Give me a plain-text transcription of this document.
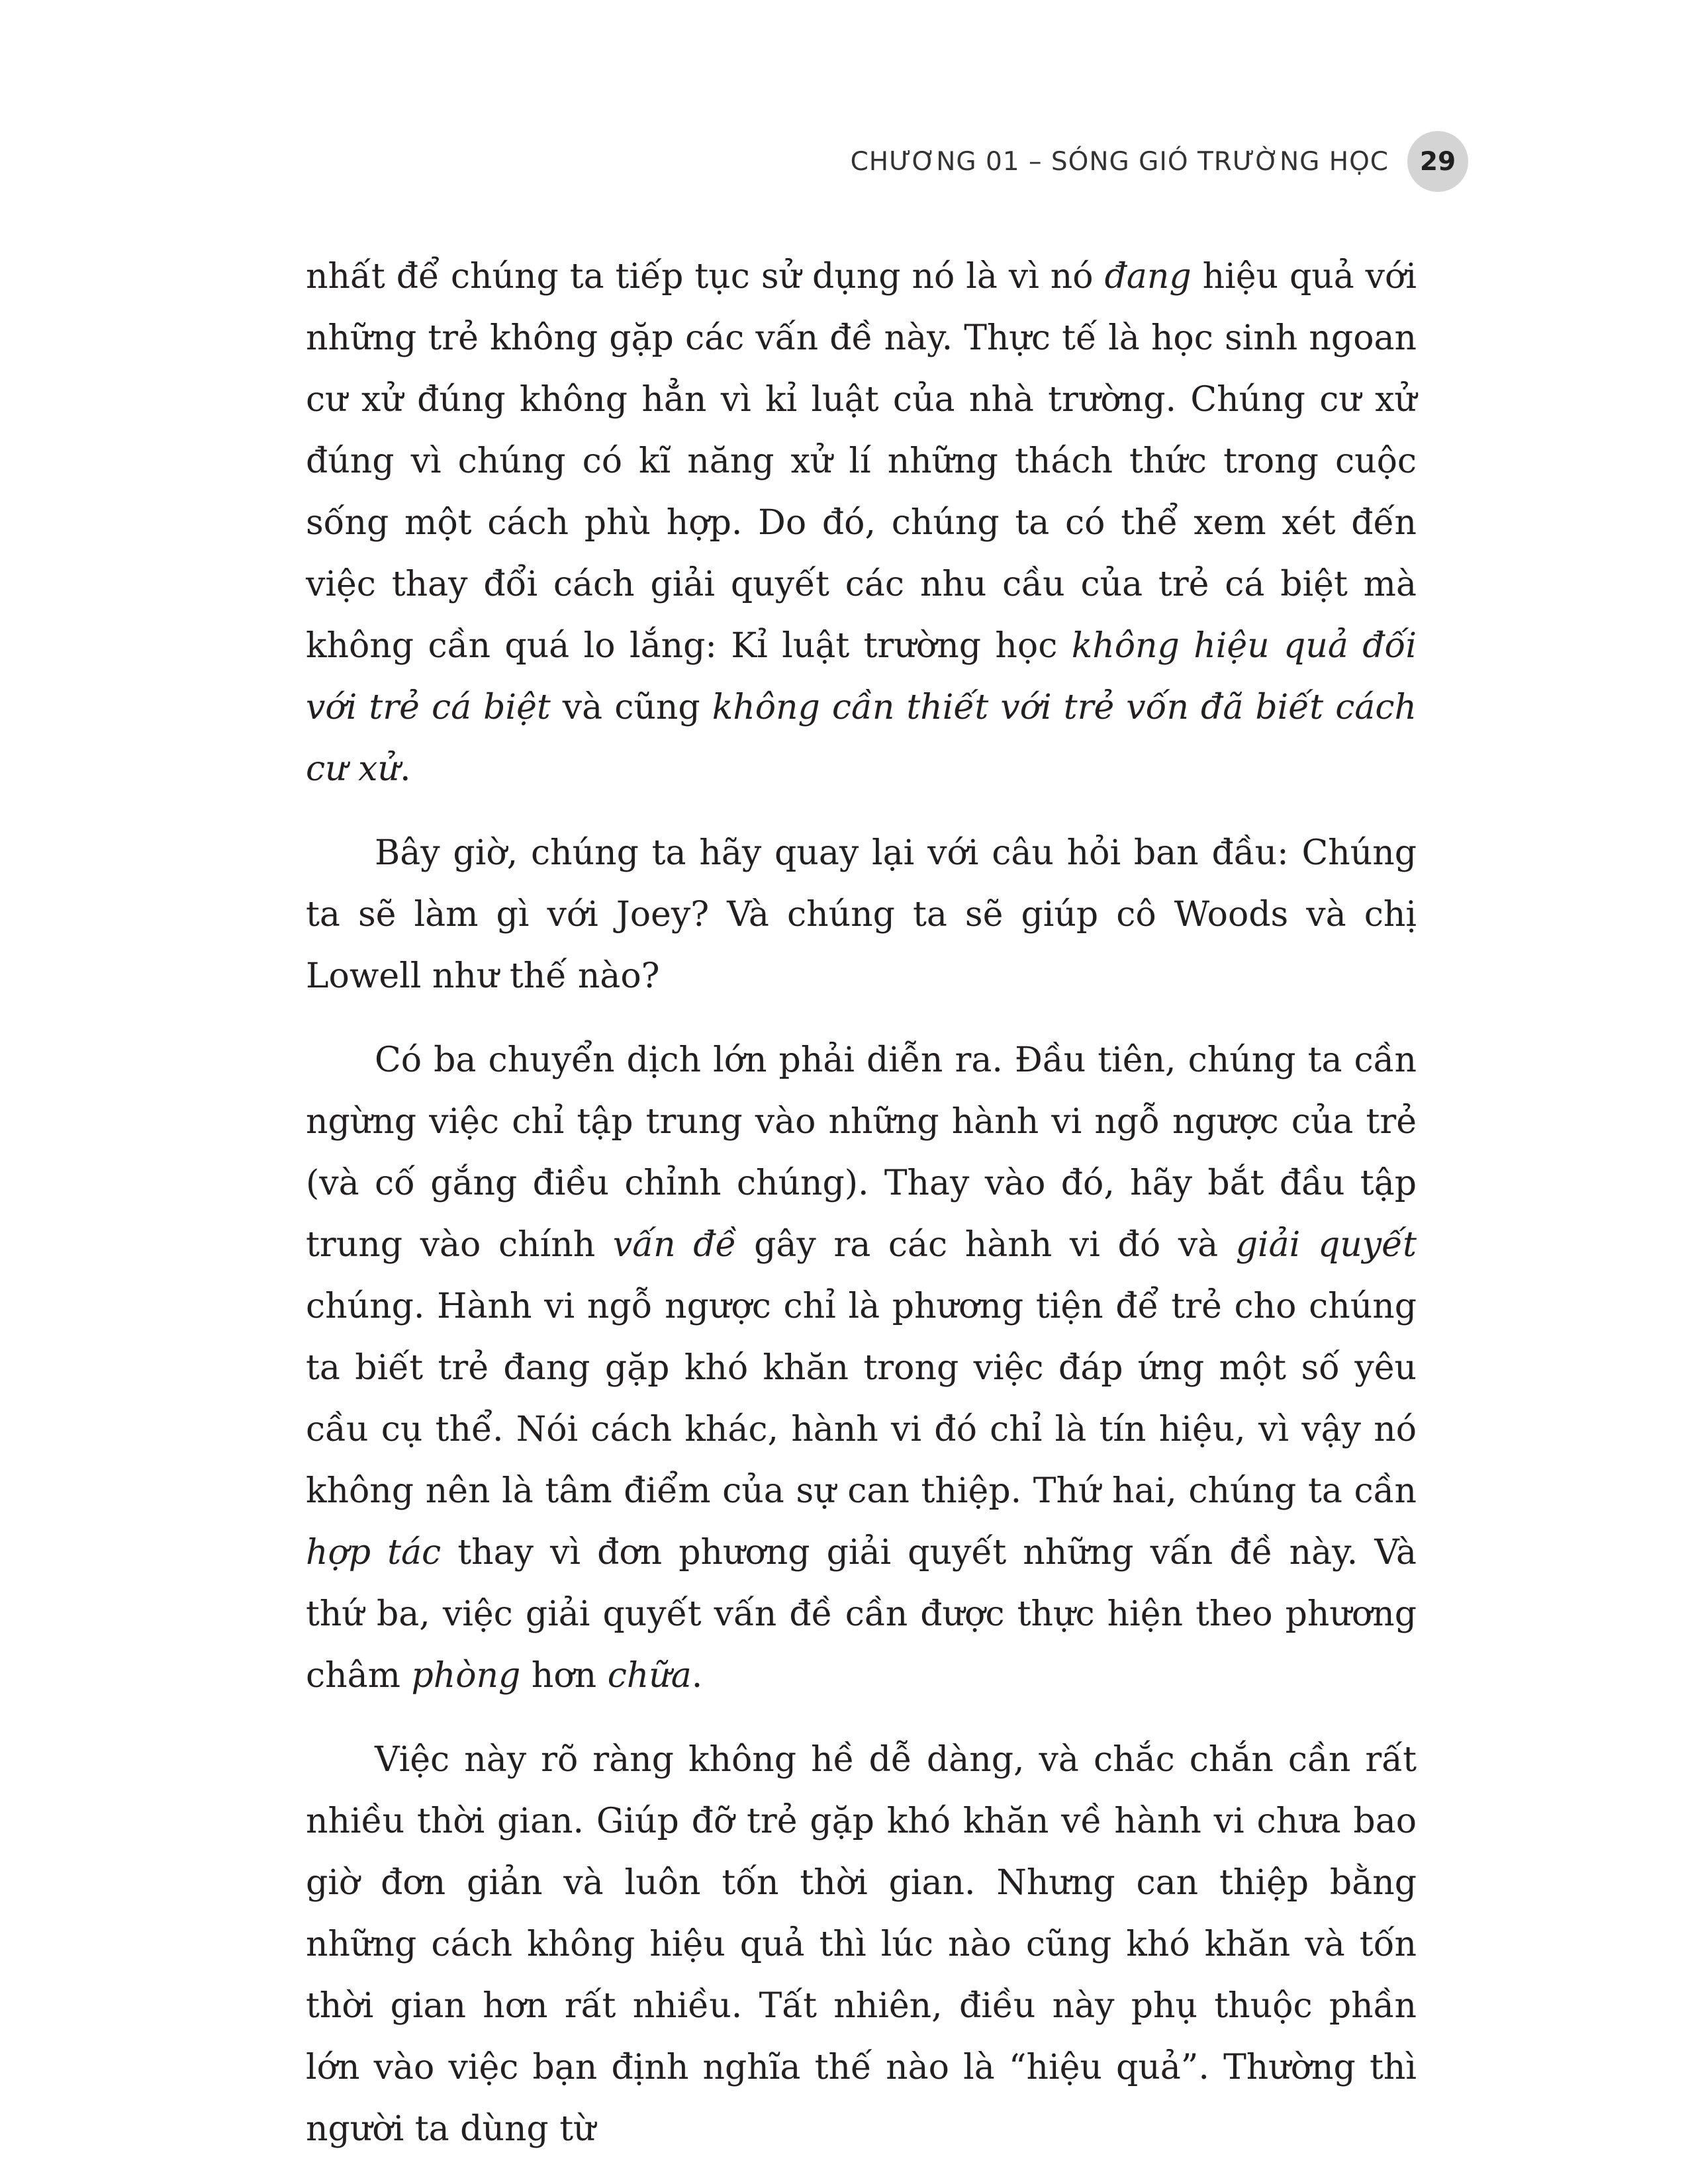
CHƯƠNG 01 – SÓNG GIÓ TRƯỜNG HỌC	29

nhất để chúng ta tiếp tục sử dụng nó là vì nó đang hiệu quả với những trẻ không gặp các vấn đề này. Thực tế là học sinh ngoan cư xử đúng không hẳn vì kỉ luật của nhà trường. Chúng cư xử đúng vì chúng có kĩ năng xử lí những thách thức trong cuộc sống một cách phù hợp. Do đó, chúng ta có thể xem xét đến việc thay đổi cách giải quyết các nhu cầu của trẻ cá biệt mà không cần quá lo lắng: Kỉ luật trường học không hiệu quả đối với trẻ cá biệt và cũng không cần thiết với trẻ vốn đã biết cách cư xử.

Bây giờ, chúng ta hãy quay lại với câu hỏi ban đầu: Chúng ta sẽ làm gì với Joey? Và chúng ta sẽ giúp cô Woods và chị Lowell như thế nào?

Có ba chuyển dịch lớn phải diễn ra. Đầu tiên, chúng ta cần ngừng việc chỉ tập trung vào những hành vi ngỗ ngược của trẻ (và cố gắng điều chỉnh chúng). Thay vào đó, hãy bắt đầu tập trung vào chính vấn đề gây ra các hành vi đó và giải quyết chúng. Hành vi ngỗ ngược chỉ là phương tiện để trẻ cho chúng ta biết trẻ đang gặp khó khăn trong việc đáp ứng một số yêu cầu cụ thể. Nói cách khác, hành vi đó chỉ là tín hiệu, vì vậy nó không nên là tâm điểm của sự can thiệp. Thứ hai, chúng ta cần hợp tác thay vì đơn phương giải quyết những vấn đề này. Và thứ ba, việc giải quyết vấn đề cần được thực hiện theo phương châm phòng hơn chữa.

Việc này rõ ràng không hề dễ dàng, và chắc chắn cần rất nhiều thời gian. Giúp đỡ trẻ gặp khó khăn về hành vi chưa bao giờ đơn giản và luôn tốn thời gian. Nhưng can thiệp bằng những cách không hiệu quả thì lúc nào cũng khó khăn và tốn thời gian hơn rất nhiều. Tất nhiên, điều này phụ thuộc phần lớn vào việc bạn định nghĩa thế nào là “hiệu quả”. Thường thì người ta dùng từ
